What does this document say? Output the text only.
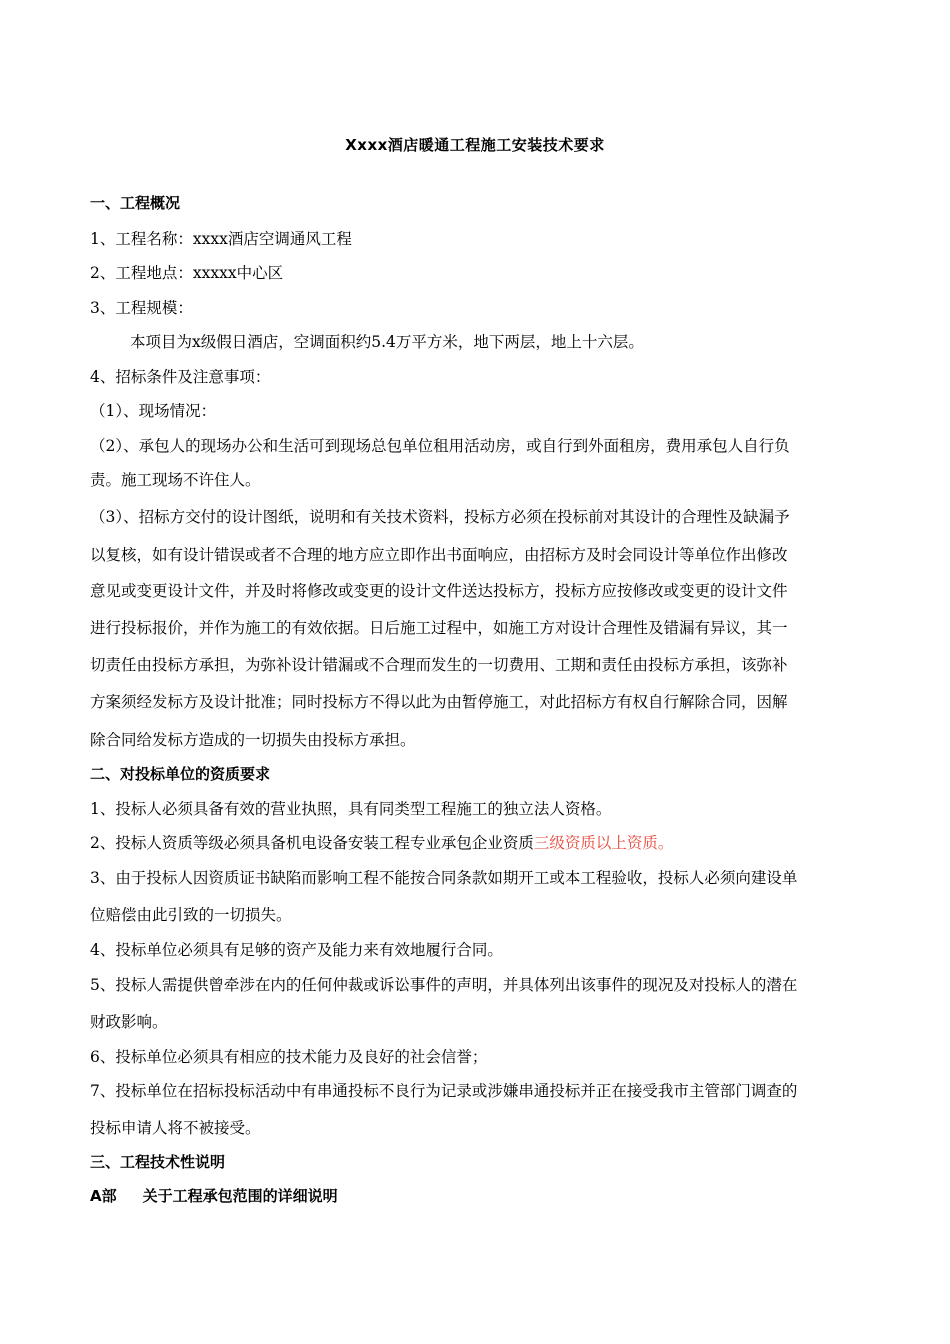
Xxxx酒店暖通工程施工安装技术要求
一、工程概况
1、工程名称：xxxx酒店空调通风工程
2、工程地点：xxxxx中心区
3、工程规模：
本项目为x级假日酒店，空调面积约5.4万平方米，地下两层，地上十六层。
4、招标条件及注意事项：
（1）、现场情况：
（2）、承包人的现场办公和生活可到现场总包单位租用活动房，或自行到外面租房，费用承包人自行负
责。施工现场不许住人。
（3）、招标方交付的设计图纸，说明和有关技术资料，投标方必须在投标前对其设计的合理性及缺漏予
以复核，如有设计错误或者不合理的地方应立即作出书面响应，由招标方及时会同设计等单位作出修改
意见或变更设计文件，并及时将修改或变更的设计文件送达投标方，投标方应按修改或变更的设计文件
进行投标报价，并作为施工的有效依据。日后施工过程中，如施工方对设计合理性及错漏有异议，其一
切责任由投标方承担，为弥补设计错漏或不合理而发生的一切费用、工期和责任由投标方承担，该弥补
方案须经发标方及设计批准；同时投标方不得以此为由暂停施工，对此招标方有权自行解除合同，因解
除合同给发标方造成的一切损失由投标方承担。
二、对投标单位的资质要求
1、投标人必须具备有效的营业执照，具有同类型工程施工的独立法人资格。
2、投标人资质等级必须具备机电设备安装工程专业承包企业资质三级资质以上资质。
3、由于投标人因资质证书缺陷而影响工程不能按合同条款如期开工或本工程验收，投标人必须向建设单
位赔偿由此引致的一切损失。
4、投标单位必须具有足够的资产及能力来有效地履行合同。
5、投标人需提供曾牵涉在内的任何仲裁或诉讼事件的声明，并具体列出该事件的现况及对投标人的潜在
财政影响。
6、投标单位必须具有相应的技术能力及良好的社会信誉；
7、投标单位在招标投标活动中有串通投标不良行为记录或涉嫌串通投标并正在接受我市主管部门调查的
投标申请人将不被接受。
三、工程技术性说明
A部 关于工程承包范围的详细说明
